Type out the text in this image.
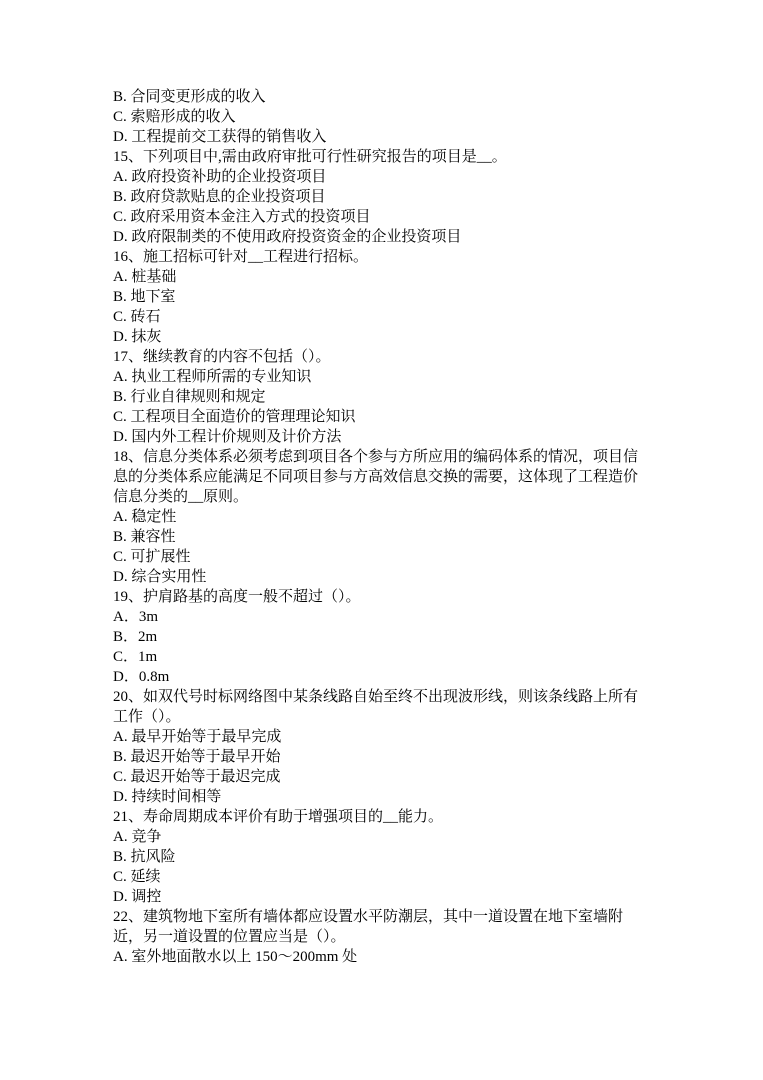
B. 合同变更形成的收入
C. 索赔形成的收入
D. 工程提前交工获得的销售收入
15、下列项目中,需由政府审批可行性研究报告的项目是__。
A. 政府投资补助的企业投资项目
B. 政府贷款贴息的企业投资项目
C. 政府采用资本金注入方式的投资项目
D. 政府限制类的不使用政府投资资金的企业投资项目
16、施工招标可针对__工程进行招标。
A. 桩基础
B. 地下室
C. 砖石
D. 抹灰
17、继续教育的内容不包括（）。
A. 执业工程师所需的专业知识
B. 行业自律规则和规定
C. 工程项目全面造价的管理理论知识
D. 国内外工程计价规则及计价方法
18、信息分类体系必须考虑到项目各个参与方所应用的编码体系的情况，项目信息的分类体系应能满足不同项目参与方高效信息交换的需要，这体现了工程造价信息分类的__原则。
A. 稳定性
B. 兼容性
C. 可扩展性
D. 综合实用性
19、护肩路基的高度一般不超过（）。
A．3m
B．2m
C．1m
D．0.8m
20、如双代号时标网络图中某条线路自始至终不出现波形线，则该条线路上所有工作（）。
A. 最早开始等于最早完成
B. 最迟开始等于最早开始
C. 最迟开始等于最迟完成
D. 持续时间相等
21、寿命周期成本评价有助于增强项目的__能力。
A. 竞争
B. 抗风险
C. 延续
D. 调控
22、建筑物地下室所有墙体都应设置水平防潮层，其中一道设置在地下室墙附近，另一道设置的位置应当是（）。
A. 室外地面散水以上 150～200mm 处
